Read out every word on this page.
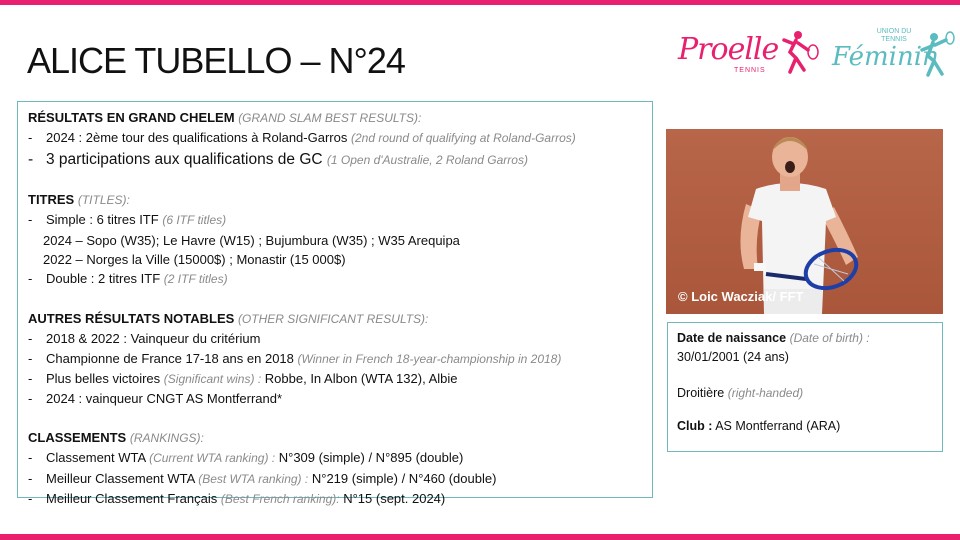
ALICE TUBELLO – N°24	Proelle
TENNIS
UNION DU TENNIS
Féminin
RÉSULTATS EN GRAND CHELEM (GRAND SLAM BEST RESULTS):
- 2024 : 2ème tour des qualifications à Roland-Garros (2nd round of qualifying at Roland-Garros)
- 3 participations aux qualifications de GC (1 Open d'Australie, 2 Roland Garros)
TITRES (TITLES):
- Simple : 6 titres ITF (6 ITF titles)
2024 – Sopo (W35); Le Havre (W15) ; Bujumbura (W35) ; W35 Arequipa
2022 – Norges la Ville (15000$) ; Monastir (15 000$)
- Double : 2 titres ITF (2 ITF titles)
AUTRES RÉSULTATS NOTABLES (OTHER SIGNIFICANT RESULTS):
- 2018 & 2022 : Vainqueur du critérium
- Championne de France 17-18 ans en 2018 (Winner in French 18-year-championship in 2018)
- Plus belles victoires (Significant wins) : Robbe, In Albon (WTA 132), Albie
- 2024 : vainqueur CNGT AS Montferrand*
CLASSEMENTS (RANKINGS):
- Classement WTA (Current WTA ranking) : N°309 (simple) / N°895 (double)
- Meilleur Classement WTA (Best WTA ranking) : N°219 (simple) / N°460 (double)
- Meilleur Classement Français (Best French ranking): N°15 (sept. 2024)
© Loic Wacziak/ FFT
Date de naissance (Date of birth) :
30/01/2001 (24 ans)
Droitière (right-handed)
Club : AS Montferrand (ARA)
